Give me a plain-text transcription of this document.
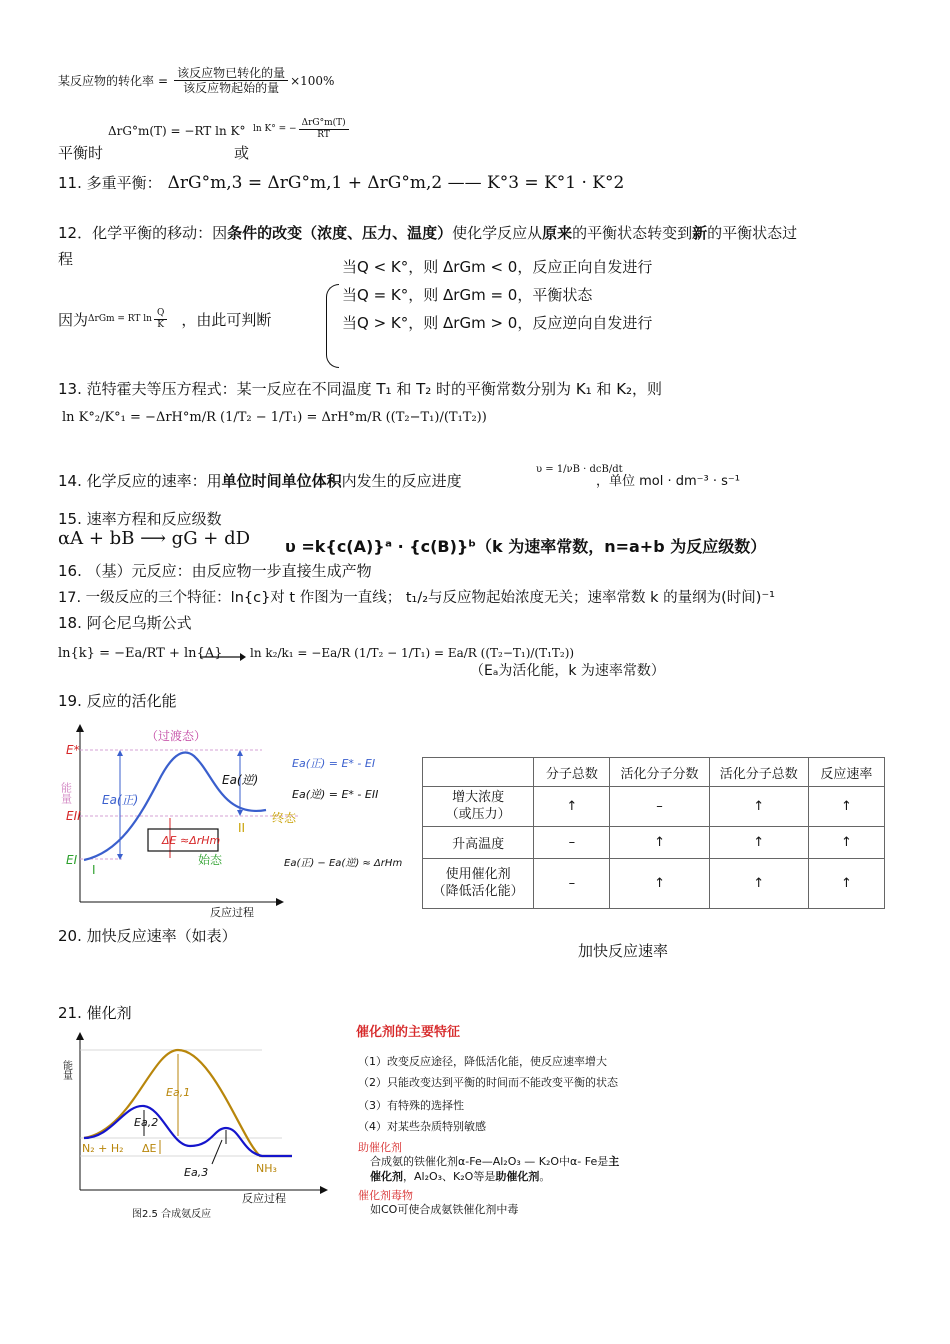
某反应物的转化率 = $\frac{\text{该反应物已转化的量}}{\text{该反应物起始的量}} \times 100\%$
平衡时
ΔrG°m(T) = −RT ln K°
或
ln K° = − $\frac{\text{ΔrG°m(T)}}{RT}$
11. 多重平衡： ΔrG°m,3 = ΔrG°m,1 + ΔrG°m,2 —— K°3 = K°1 · K°2
12．化学平衡的移动：因条件的改变（浓度、压力、温度）使化学反应从原来的平衡状态转变到新的平衡状态过
程
因为 ΔrGm = RT $\ln \frac{Q}{K}$ ，由此可判断
当Q < K°，则 ΔrGm < 0，反应正向自发进行
当Q = K°，则 ΔrGm = 0，平衡状态
当Q > K°，则 ΔrGm > 0，反应逆向自发进行
13. 范特霍夫等压方程式：某一反应在不同温度 T₁ 和 T₂ 时的平衡常数分别为 K₁ 和 K₂，则
ln K°₂/K°₁ = −ΔrH°m/R (1/T₂ − 1/T₁) = ΔrH°m/R ((T₂−T₁)/(T₁T₂))
14. 化学反应的速率：用单位时间单位体积内发生的反应进度
υ = 1/νB · dcB/dt
，单位 mol · dm⁻³ · s⁻¹
15. 速率方程和反应级数
αA + bB ⟶ gG + dD υ =k{c(A)}ᵃ · {c(B)}ᵇ（k 为速率常数，n=a+b 为反应级数）
16. （基）元反应：由反应物一步直接生成产物
17. 一级反应的三个特征：ln{c}对 t 作图为一直线； t₁/₂与反应物起始浓度无关；速率常数 k 的量纲为(时间)⁻¹
18. 阿仑尼乌斯公式
ln{k} = −Ea/RT + ln{A} ln k₂/k₁ = −Ea/R (1/T₂ − 1/T₁) = Ea/R ((T₂−T₁)/(T₁T₂))
（Eₐ为活化能，k 为速率常数）
19. 反应的活化能
能量
反应过程
（过渡态）
E*
EII
EI
Ea(正)
Ea(逆)
终态
始态
I
II
ΔE ≈ΔrHm
Ea(正) = E* - EI
Ea(逆) = E* - EII
Ea(正) − Ea(逆) ≈ ΔrHm
	分子总数	活化分子分数	活化分子总数	反应速率
增大浓度
（或压力）	↑	–	↑	↑
升高温度	–	↑	↑	↑
使用催化剂
（降低活化能）	–	↑	↑	↑
20. 加快反应速率（如表）
加快反应速率
21. 催化剂
能量
反应过程
图2.5 合成氨反应
N₂ + H₂
NH₃
Ea,1
Ea,2
Ea,3
ΔE
催化剂的主要特征
（1）改变反应途径，降低活化能，使反应速率增大
（2）只能改变达到平衡的时间而不能改变平衡的状态
（3）有特殊的选择性
（4）对某些杂质特别敏感
助催化剂
合成氨的铁催化剂α-Fe—Al₂O₃ — K₂O中α- Fe是主
催化剂，Al₂O₃、K₂O等是助催化剂。
催化剂毒物
如CO可使合成氨铁催化剂中毒
